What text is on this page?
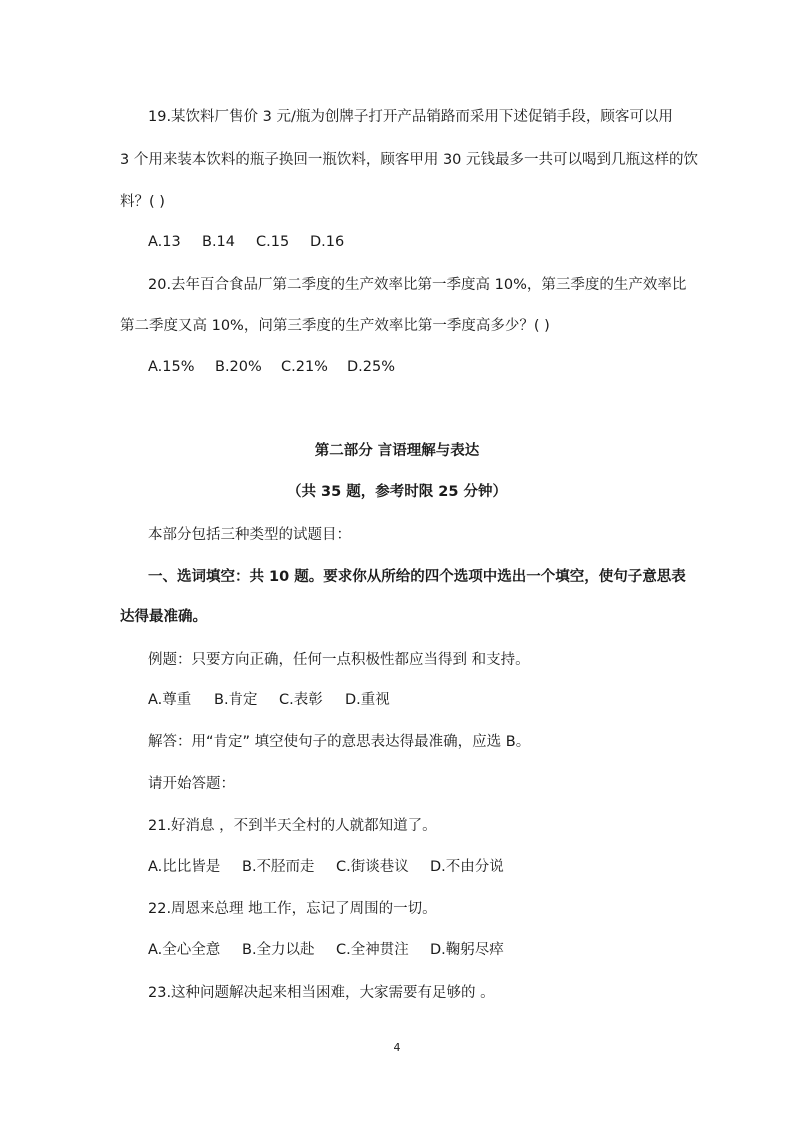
19.某饮料厂售价 3 元/瓶为创牌子打开产品销路而采用下述促销手段，顾客可以用
3 个用来装本饮料的瓶子换回一瓶饮料，顾客甲用 30 元钱最多一共可以喝到几瓶这样的饮
料？( )
A.13 B.14 C.15 D.16
20.去年百合食品厂第二季度的生产效率比第一季度高 10%，第三季度的生产效率比
第二季度又高 10%，问第三季度的生产效率比第一季度高多少？( )
A.15% B.20% C.21% D.25%
第二部分 言语理解与表达
（共 35 题，参考时限 25 分钟）
本部分包括三种类型的试题目：
一、选词填空：共 10 题。要求你从所给的四个选项中选出一个填空，使句子意思表
达得最准确。
例题：只要方向正确，任何一点积极性都应当得到 和支持。
A.尊重 B.肯定 C.表彰 D.重视
解答：用“肯定” 填空使句子的意思表达得最准确，应选 B。
请开始答题：
21.好消息 ，不到半天全村的人就都知道了。
A.比比皆是 B.不胫而走 C.街谈巷议 D.不由分说
22.周恩来总理 地工作，忘记了周围的一切。
A.全心全意 B.全力以赴 C.全神贯注 D.鞠躬尽瘁
23.这种问题解决起来相当困难，大家需要有足够的 。
4
